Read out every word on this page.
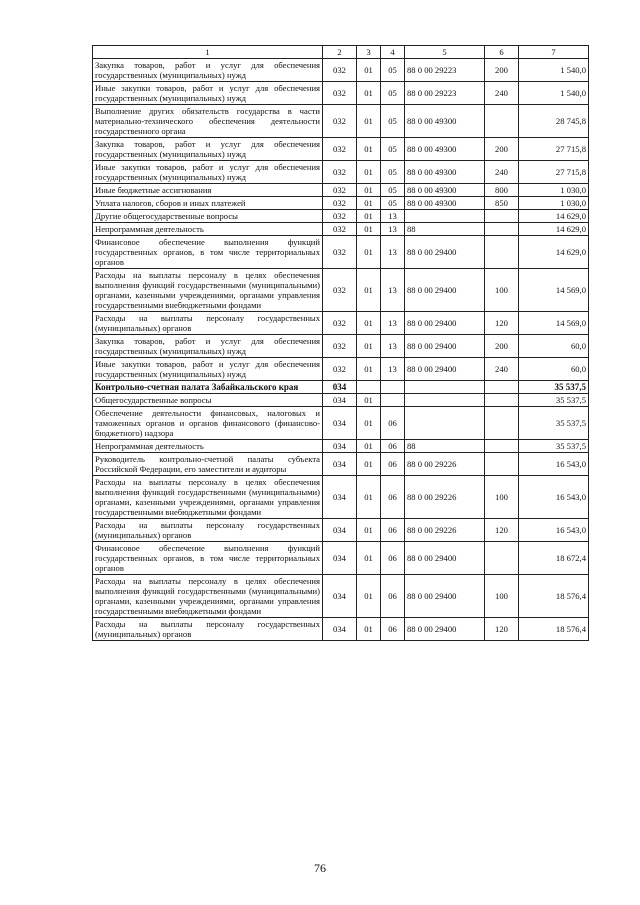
1	2	3	4	5	6	7
Закупка товаров, работ и услуг для обеспечения государственных (муниципальных) нужд	032	01	05	88 0 00 29223	200	1 540,0
Иные закупки товаров, работ и услуг для обеспечения государственных (муниципальных) нужд	032	01	05	88 0 00 29223	240	1 540,0
Выполнение других обязательств государства в части материально-технического обеспечения деятельности государственного органа	032	01	05	88 0 00 49300		28 745,8
Закупка товаров, работ и услуг для обеспечения государственных (муниципальных) нужд	032	01	05	88 0 00 49300	200	27 715,8
Иные закупки товаров, работ и услуг для обеспечения государственных (муниципальных) нужд	032	01	05	88 0 00 49300	240	27 715,8
Иные бюджетные ассигнования	032	01	05	88 0 00 49300	800	1 030,0
Уплата налогов, сборов и иных платежей	032	01	05	88 0 00 49300	850	1 030,0
Другие общегосударственные вопросы	032	01	13			14 629,0
Непрограммная деятельность	032	01	13	88		14 629,0
Финансовое обеспечение выполнения функций государственных органов, в том числе территориальных органов	032	01	13	88 0 00 29400		14 629,0
Расходы на выплаты персоналу в целях обеспечения выполнения функций государственными (муниципальными) органами, казенными учреждениями, органами управления государственными внебюджетными фондами	032	01	13	88 0 00 29400	100	14 569,0
Расходы на выплаты персоналу государственных (муниципальных) органов	032	01	13	88 0 00 29400	120	14 569,0
Закупка товаров, работ и услуг для обеспечения государственных (муниципальных) нужд	032	01	13	88 0 00 29400	200	60,0
Иные закупки товаров, работ и услуг для обеспечения государственных (муниципальных) нужд	032	01	13	88 0 00 29400	240	60,0
Контрольно-счетная палата Забайкальского края	034					35 537,5
Общегосударственные вопросы	034	01				35 537,5
Обеспечение деятельности финансовых, налоговых и таможенных органов и органов финансового (финансово-бюджетного) надзора	034	01	06			35 537,5
Непрограммная деятельность	034	01	06	88		35 537,5
Руководитель контрольно-счетной палаты субъекта Российской Федерации, его заместители и аудиторы	034	01	06	88 0 00 29226		16 543,0
Расходы на выплаты персоналу в целях обеспечения выполнения функций государственными (муниципальными) органами, казенными учреждениями, органами управления государственными внебюджетными фондами	034	01	06	88 0 00 29226	100	16 543,0
Расходы на выплаты персоналу государственных (муниципальных) органов	034	01	06	88 0 00 29226	120	16 543,0
Финансовое обеспечение выполнения функций государственных органов, в том числе территориальных органов	034	01	06	88 0 00 29400		18 672,4
Расходы на выплаты персоналу в целях обеспечения выполнения функций государственными (муниципальными) органами, казенными учреждениями, органами управления государственными внебюджетными фондами	034	01	06	88 0 00 29400	100	18 576,4
Расходы на выплаты персоналу государственных (муниципальных) органов	034	01	06	88 0 00 29400	120	18 576,4
76
